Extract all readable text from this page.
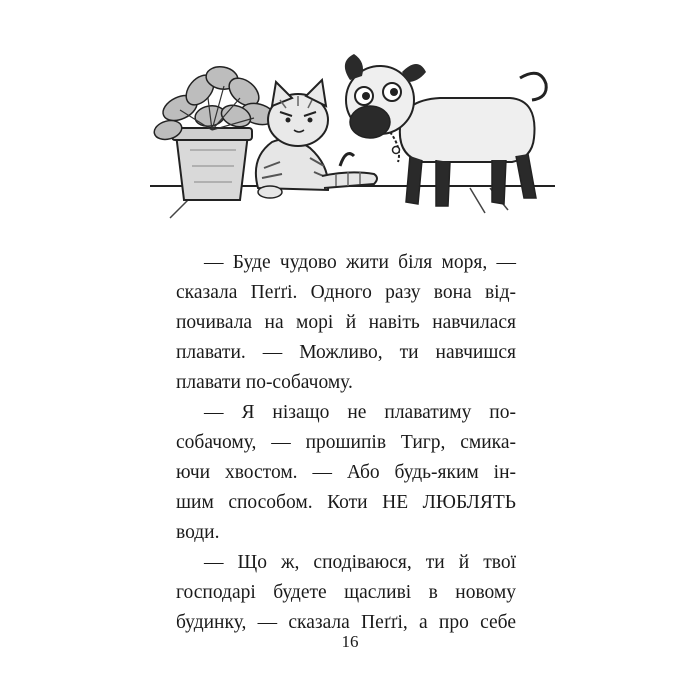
— Буде чудово жити біля моря, —
сказала Пеґґі. Одного разу вона від-
почивала на морі й навіть навчилася
плавати. — Можливо, ти навчишся
плавати по-собачому.
— Я нізащо не плаватиму по-
собачому, — прошипів Тигр, смика-
ючи хвостом. — Або будь-яким ін-
шим способом. Коти НЕ ЛЮБЛЯТЬ
води.
— Що ж, сподіваюся, ти й твої
господарі будете щасливі в новому
будинку, — сказала Пеґґі, а про себе
16
